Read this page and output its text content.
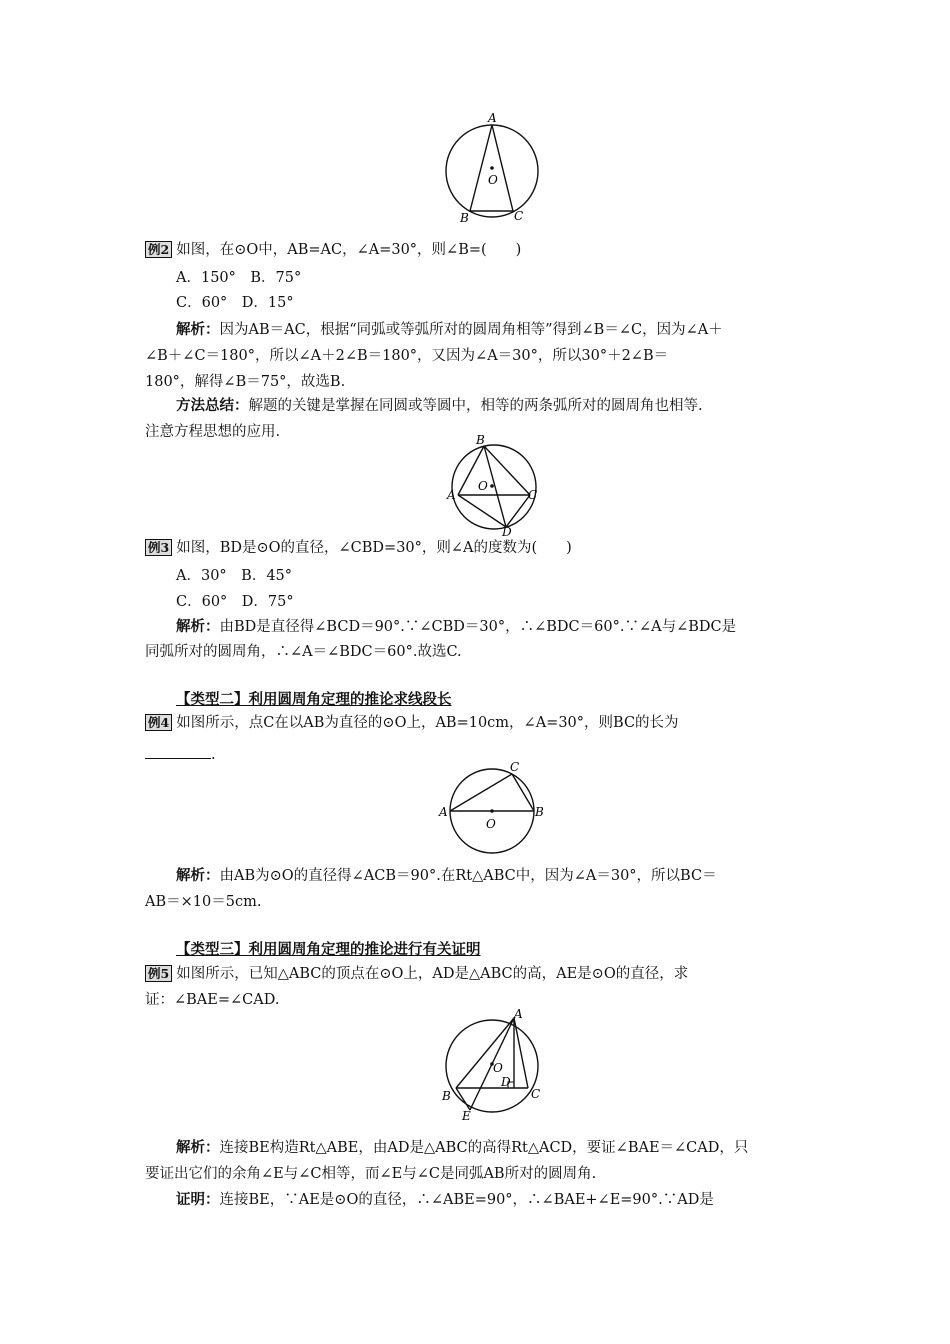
A
O
B	C
例2 如图，在⊙O中，AB=AC，∠A=30°，则∠B=(　　)
A．150°　B．75°
C．60°　D．15°
解析：因为AB＝AC，根据“同弧或等弧所对的圆周角相等”得到∠B＝∠C，因为∠A＋
∠B＋∠C＝180°，所以∠A＋2∠B＝180°，又因为∠A＝30°，所以30°＋2∠B＝
180°，解得∠B＝75°，故选B.
方法总结：解题的关键是掌握在同圆或等圆中，相等的两条弧所对的圆周角也相等.
注意方程思想的应用.	B
O
A	C
D
例3 如图，BD是⊙O的直径，∠CBD=30°，则∠A的度数为(　　)
A．30°　B．45°
C．60°　D．75°
解析：由BD是直径得∠BCD＝90°.∵∠CBD＝30°，∴∠BDC＝60°.∵∠A与∠BDC是
同弧所对的圆周角，∴∠A＝∠BDC＝60°.故选C.
【类型二】利用圆周角定理的推论求线段长
例4 如图所示，点C在以AB为直径的⊙O上，AB=10cm，∠A=30°，则BC的长为
.
C
A
O
B
解析：由AB为⊙O的直径得∠ACB＝90°.在Rt△ABC中，因为∠A＝30°，所以BC＝
AB＝×10＝5cm.
【类型三】利用圆周角定理的推论进行有关证明
例5 如图所示，已知△ABC的顶点在⊙O上，AD是△ABC的高，AE是⊙O的直径，求
证：∠BAE=∠CAD.
A
O
D
B
E
C
解析：连接BE构造Rt△ABE，由AD是△ABC的高得Rt△ACD，要证∠BAE＝∠CAD，只
要证出它们的余角∠E与∠C相等，而∠E与∠C是同弧AB所对的圆周角.
证明：连接BE，∵AE是⊙O的直径，∴∠ABE=90°，∴∠BAE+∠E=90°.∵AD是
